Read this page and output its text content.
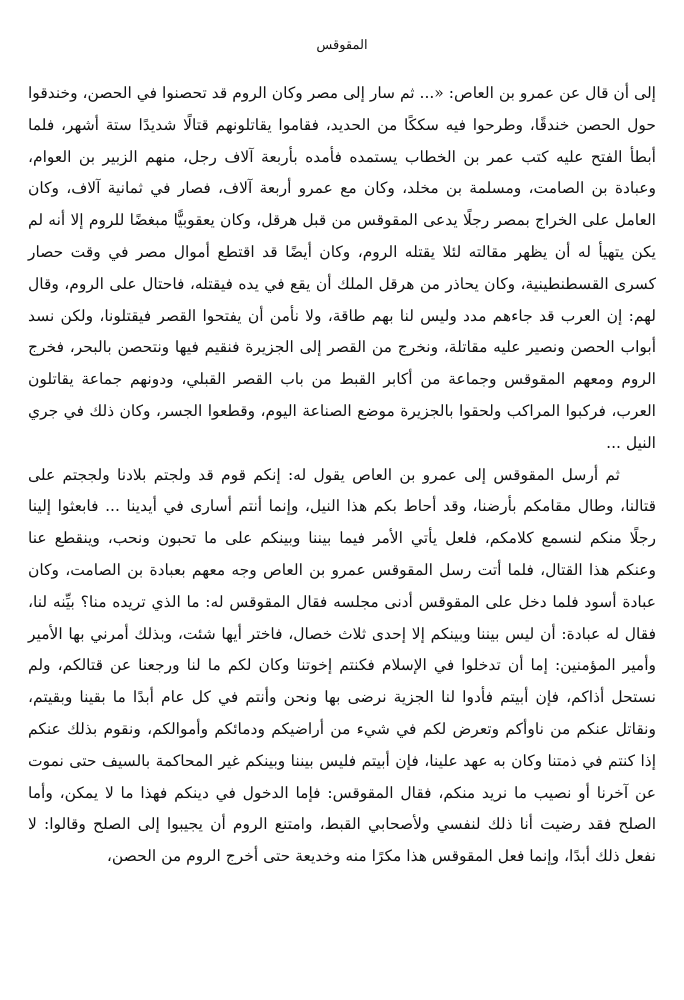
المقوقس

إلى أن قال عن عمرو بن العاص: «... ثم سار إلى مصر وكان الروم قد تحصنوا في الحصن، وخندقوا حول الحصن خندقًا، وطرحوا فيه سككًا من الحديد، فقاموا يقاتلونهم قتالًا شديدًا ستة أشهر، فلما أبطأ الفتح عليه كتب عمر بن الخطاب يستمده فأمده بأربعة آلاف رجل، منهم الزبير بن العوام، وعبادة بن الصامت، ومسلمة بن مخلد، وكان مع عمرو أربعة آلاف، فصار في ثمانية آلاف، وكان العامل على الخراج بمصر رجلًا يدعى المقوقس من قبل هرقل، وكان يعقوبيًّا مبغضًا للروم إلا أنه لم يكن يتهيأ له أن يظهر مقالته لئلا يقتله الروم، وكان أيضًا قد اقتطع أموال مصر في وقت حصار كسرى القسطنطينية، وكان يحاذر من هرقل الملك أن يقع في يده فيقتله، فاحتال على الروم، وقال لهم: إن العرب قد جاءهم مدد وليس لنا بهم طاقة، ولا نأمن أن يفتحوا القصر فيقتلونا، ولكن نسد أبواب الحصن ونصير عليه مقاتلة، ونخرج من القصر إلى الجزيرة فنقيم فيها ونتحصن بالبحر، فخرج الروم ومعهم المقوقس وجماعة من أكابر القبط من باب القصر القبلي، ودونهم جماعة يقاتلون العرب، فركبوا المراكب ولحقوا بالجزيرة موضع الصناعة اليوم، وقطعوا الجسر، وكان ذلك في جري النيل ...

ثم أرسل المقوقس إلى عمرو بن العاص يقول له: إنكم قوم قد ولجتم بلادنا ولججتم على قتالنا، وطال مقامكم بأرضنا، وقد أحاط بكم هذا النيل، وإنما أنتم أسارى في أيدينا ... فابعثوا إلينا رجلًا منكم لنسمع كلامكم، فلعل يأتي الأمر فيما بيننا وبينكم على ما تحبون ونحب، وينقطع عنا وعنكم هذا القتال، فلما أتت رسل المقوقس عمرو بن العاص وجه معهم بعبادة بن الصامت، وكان عبادة أسود فلما دخل على المقوقس أدنى مجلسه فقال المقوقس له: ما الذي تريده منا؟ بيِّنه لنا، فقال له عبادة: أن ليس بيننا وبينكم إلا إحدى ثلاث خصال، فاختر أيها شئت، وبذلك أمرني بها الأمير وأمير المؤمنين: إما أن تدخلوا في الإسلام فكنتم إخوتنا وكان لكم ما لنا ورجعنا عن قتالكم، ولم نستحل أذاكم، فإن أبيتم فأدوا لنا الجزية نرضى بها ونحن وأنتم في كل عام أبدًا ما بقينا وبقيتم، ونقاتل عنكم من ناوأكم وتعرض لكم في شيء من أراضيكم ودمائكم وأموالكم، ونقوم بذلك عنكم إذا كنتم في ذمتنا وكان به عهد علينا، فإن أبيتم فليس بيننا وبينكم غير المحاكمة بالسيف حتى نموت عن آخرنا أو نصيب ما نريد منكم، فقال المقوقس: فإما الدخول في دينكم فهذا ما لا يمكن، وأما الصلح فقد رضيت أنا ذلك لنفسي ولأصحابي القبط، وامتنع الروم أن يجيبوا إلى الصلح وقالوا: لا نفعل ذلك أبدًا، وإنما فعل المقوقس هذا مكرًا منه وخديعة حتى أخرج الروم من الحصن،
